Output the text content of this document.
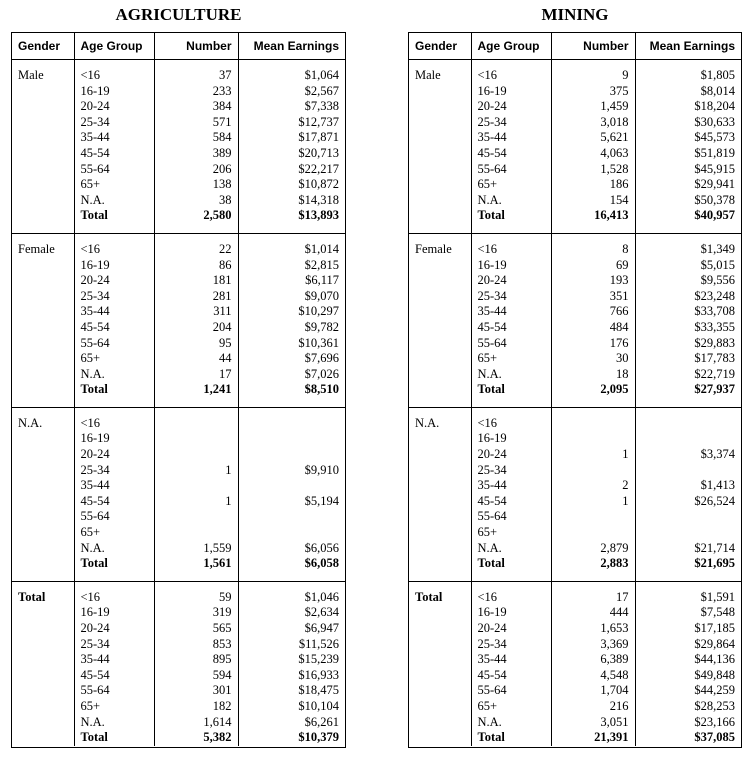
AGRICULTURE
Gender	Age Group	Number	Mean Earnings

Male	<16	37	$1,064
	16-19	233	$2,567
	20-24	384	$7,338
	25-34	571	$12,737
	35-44	584	$17,871
	45-54	389	$20,713
	55-64	206	$22,217
	65+	138	$10,872
	N.A.	38	$14,318
	Total	2,580	$13,893

Female	<16	22	$1,014
	16-19	86	$2,815
	20-24	181	$6,117
	25-34	281	$9,070
	35-44	311	$10,297
	45-54	204	$9,782
	55-64	95	$10,361
	65+	44	$7,696
	N.A.	17	$7,026
	Total	1,241	$8,510

N.A.	<16		
	16-19		
	20-24		
	25-34	1	$9,910
	35-44		
	45-54	1	$5,194
	55-64		
	65+		
	N.A.	1,559	$6,056
	Total	1,561	$6,058

Total	<16	59	$1,046
	16-19	319	$2,634
	20-24	565	$6,947
	25-34	853	$11,526
	35-44	895	$15,239
	45-54	594	$16,933
	55-64	301	$18,475
	65+	182	$10,104
	N.A.	1,614	$6,261
	Total	5,382	$10,379
MINING
Gender	Age Group	Number	Mean Earnings

Male	<16	9	$1,805
	16-19	375	$8,014
	20-24	1,459	$18,204
	25-34	3,018	$30,633
	35-44	5,621	$45,573
	45-54	4,063	$51,819
	55-64	1,528	$45,915
	65+	186	$29,941
	N.A.	154	$50,378
	Total	16,413	$40,957

Female	<16	8	$1,349
	16-19	69	$5,015
	20-24	193	$9,556
	25-34	351	$23,248
	35-44	766	$33,708
	45-54	484	$33,355
	55-64	176	$29,883
	65+	30	$17,783
	N.A.	18	$22,719
	Total	2,095	$27,937

N.A.	<16		
	16-19		
	20-24	1	$3,374
	25-34		
	35-44	2	$1,413
	45-54	1	$26,524
	55-64		
	65+		
	N.A.	2,879	$21,714
	Total	2,883	$21,695

Total	<16	17	$1,591
	16-19	444	$7,548
	20-24	1,653	$17,185
	25-34	3,369	$29,864
	35-44	6,389	$44,136
	45-54	4,548	$49,848
	55-64	1,704	$44,259
	65+	216	$28,253
	N.A.	3,051	$23,166
	Total	21,391	$37,085
